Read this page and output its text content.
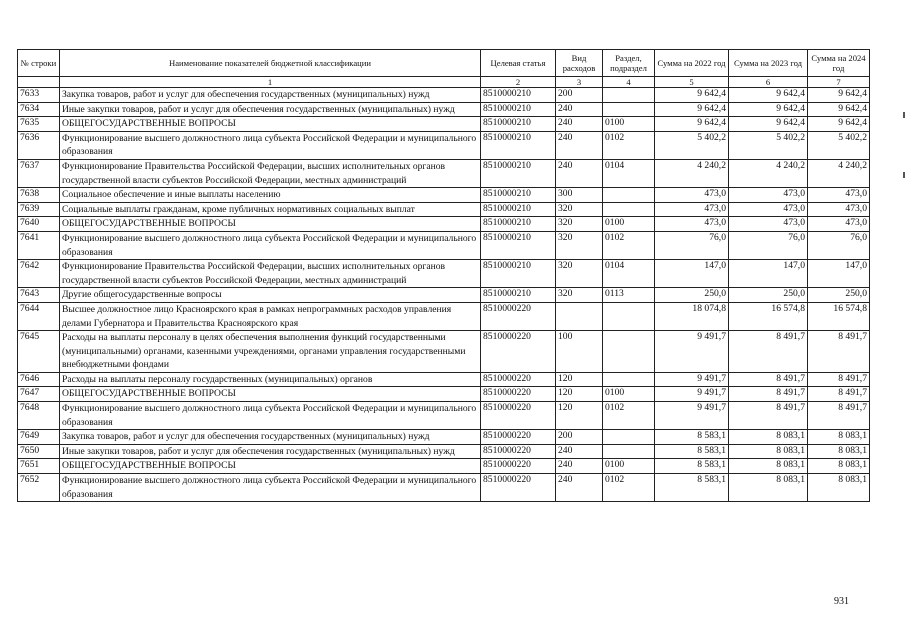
№ строки	Наименование показателей бюджетной классификации	Целевая статья	Вид расходов	Раздел, подраздел	Сумма на 2022 год	Сумма на 2023 год	Сумма на 2024 год
	1	2	3	4	5	6	7
7633	Закупка товаров, работ и услуг для обеспечения государственных (муниципальных) нужд	8510000210	200		9 642,4	9 642,4	9 642,4
7634	Иные закупки товаров, работ и услуг для обеспечения государственных (муниципальных) нужд	8510000210	240		9 642,4	9 642,4	9 642,4
7635	ОБЩЕГОСУДАРСТВЕННЫЕ ВОПРОСЫ	8510000210	240	0100	9 642,4	9 642,4	9 642,4
7636	Функционирование высшего должностного лица субъекта Российской Федерации и муниципального образования	8510000210	240	0102	5 402,2	5 402,2	5 402,2
7637	Функционирование Правительства Российской Федерации, высших исполнительных органов государственной власти субъектов Российской Федерации, местных администраций	8510000210	240	0104	4 240,2	4 240,2	4 240,2
7638	Социальное обеспечение и иные выплаты населению	8510000210	300		473,0	473,0	473,0
7639	Социальные выплаты гражданам, кроме публичных нормативных социальных выплат	8510000210	320		473,0	473,0	473,0
7640	ОБЩЕГОСУДАРСТВЕННЫЕ ВОПРОСЫ	8510000210	320	0100	473,0	473,0	473,0
7641	Функционирование высшего должностного лица субъекта Российской Федерации и муниципального образования	8510000210	320	0102	76,0	76,0	76,0
7642	Функционирование Правительства Российской Федерации, высших исполнительных органов государственной власти субъектов Российской Федерации, местных администраций	8510000210	320	0104	147,0	147,0	147,0
7643	Другие общегосударственные вопросы	8510000210	320	0113	250,0	250,0	250,0
7644	Высшее должностное лицо Красноярского края в рамках непрограммных расходов управления делами Губернатора и Правительства Красноярского края	8510000220			18 074,8	16 574,8	16 574,8
7645	Расходы на выплаты персоналу в целях обеспечения выполнения функций государственными (муниципальными) органами, казенными учреждениями, органами управления государственными внебюджетными фондами	8510000220	100		9 491,7	8 491,7	8 491,7
7646	Расходы на выплаты персоналу государственных (муниципальных) органов	8510000220	120		9 491,7	8 491,7	8 491,7
7647	ОБЩЕГОСУДАРСТВЕННЫЕ ВОПРОСЫ	8510000220	120	0100	9 491,7	8 491,7	8 491,7
7648	Функционирование высшего должностного лица субъекта Российской Федерации и муниципального образования	8510000220	120	0102	9 491,7	8 491,7	8 491,7
7649	Закупка товаров, работ и услуг для обеспечения государственных (муниципальных) нужд	8510000220	200		8 583,1	8 083,1	8 083,1
7650	Иные закупки товаров, работ и услуг для обеспечения государственных (муниципальных) нужд	8510000220	240		8 583,1	8 083,1	8 083,1
7651	ОБЩЕГОСУДАРСТВЕННЫЕ ВОПРОСЫ	8510000220	240	0100	8 583,1	8 083,1	8 083,1
7652	Функционирование высшего должностного лица субъекта Российской Федерации и муниципального образования	8510000220	240	0102	8 583,1	8 083,1	8 083,1
931
